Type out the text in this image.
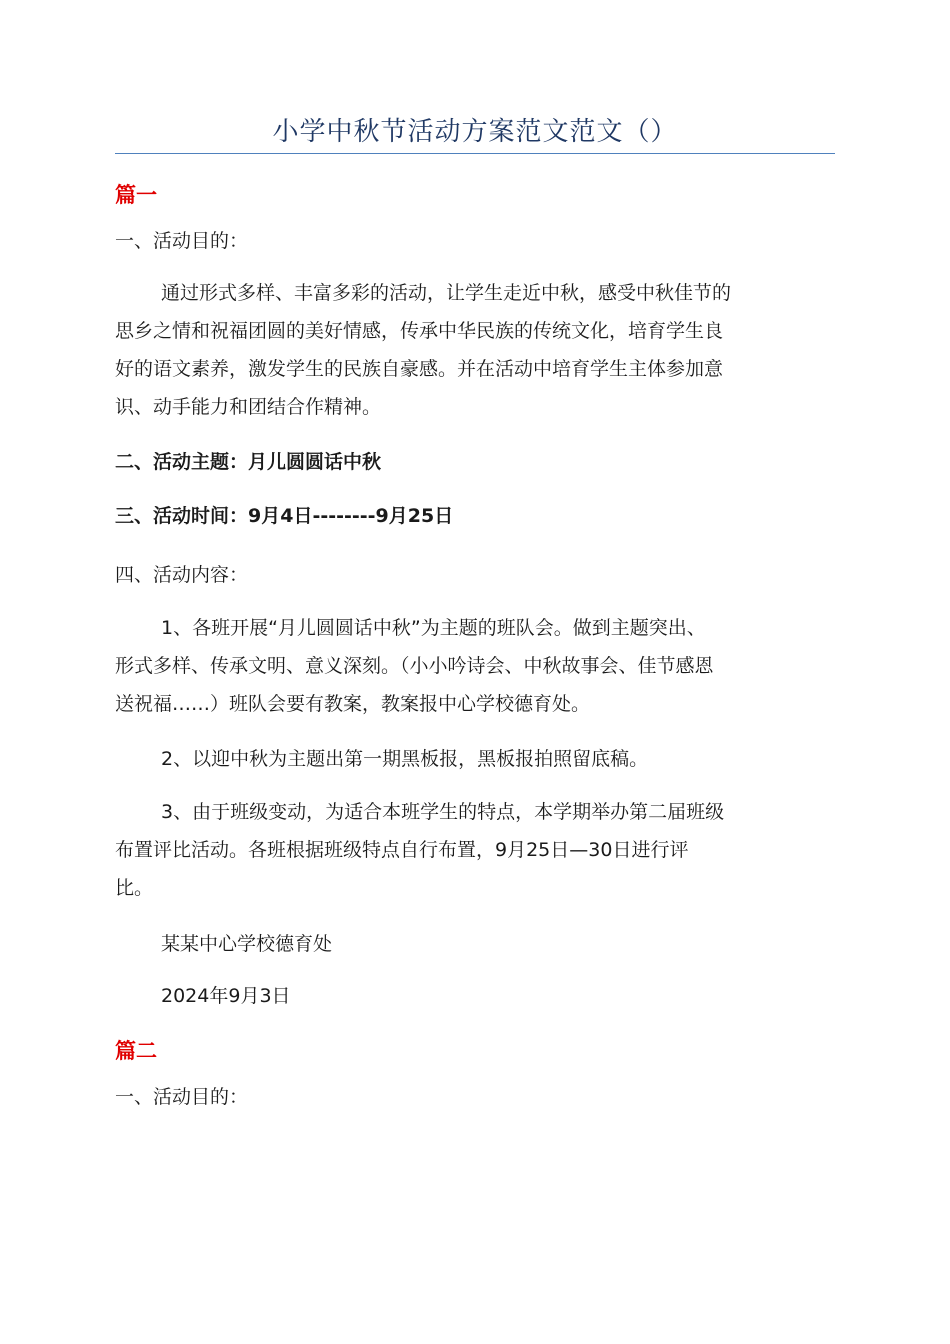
小学中秋节活动方案范文范文（）
篇一
一、活动目的：
通过形式多样、丰富多彩的活动，让学生走近中秋，感受中秋佳节的
思乡之情和祝福团圆的美好情感，传承中华民族的传统文化，培育学生良
好的语文素养，激发学生的民族自豪感。并在活动中培育学生主体参加意
识、动手能力和团结合作精神。
二、活动主题：月儿圆圆话中秋
三、活动时间：9月4日--------9月25日
四、活动内容：
1、各班开展“月儿圆圆话中秋”为主题的班队会。做到主题突出、
形式多样、传承文明、意义深刻。（小小吟诗会、中秋故事会、佳节感恩
送祝福……）班队会要有教案，教案报中心学校德育处。
2、以迎中秋为主题出第一期黑板报，黑板报拍照留底稿。
3、由于班级变动，为适合本班学生的特点，本学期举办第二届班级
布置评比活动。各班根据班级特点自行布置，9月25日—30日进行评
比。
某某中心学校德育处
2024年9月3日
篇二
一、活动目的：
